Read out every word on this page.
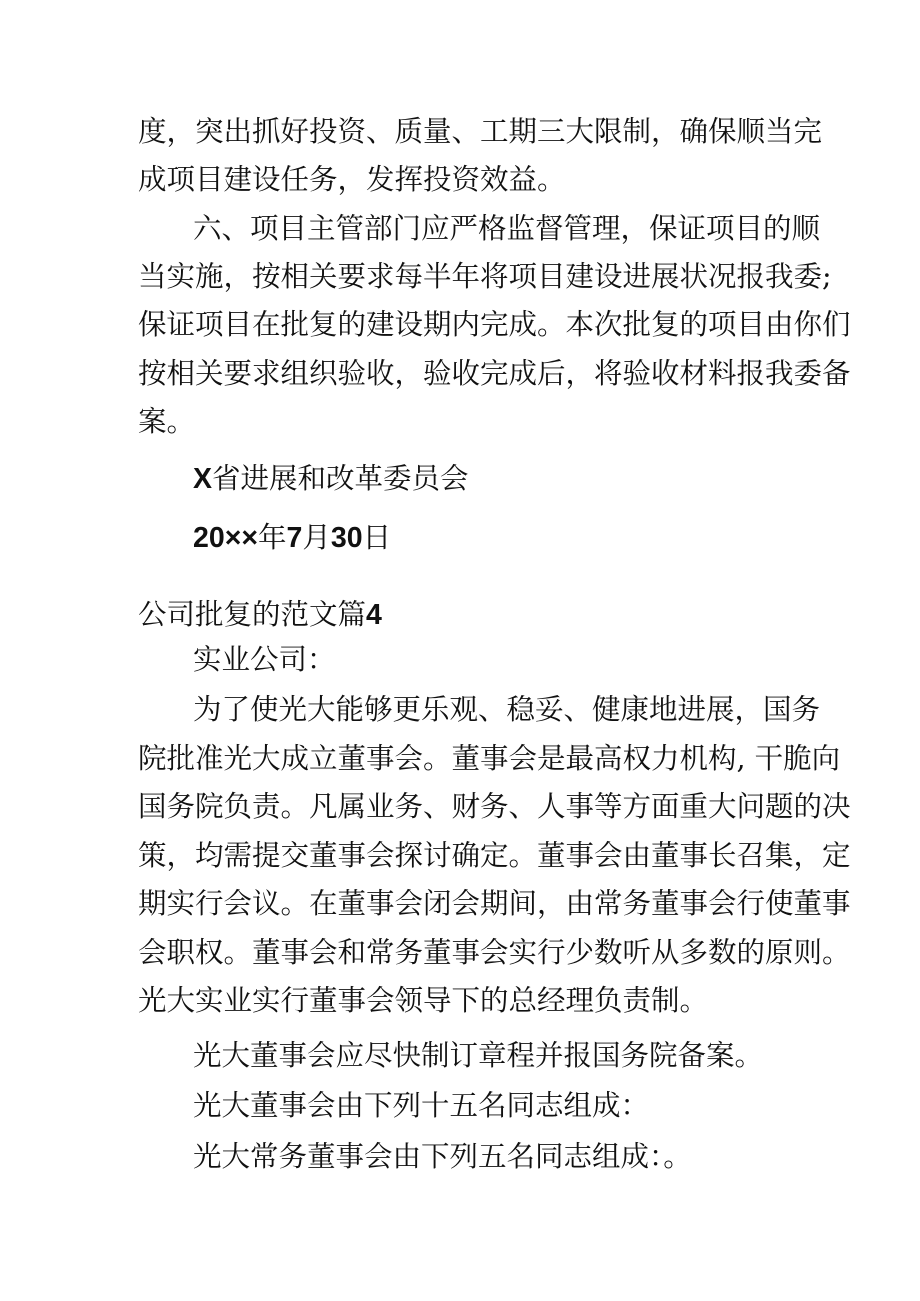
度，突出抓好投资、质量、工期三大限制，确保顺当完
成项目建设任务，发挥投资效益。
六、项目主管部门应严格监督管理，保证项目的顺
当实施，按相关要求每半年将项目建设进展状况报我委;
保证项目在批复的建设期内完成。本次批复的项目由你们
按相关要求组织验收，验收完成后，将验收材料报我委备
案。
X省进展和改革委员会
20××年7月30日
公司批复的范文篇4
实业公司：
为了使光大能够更乐观、稳妥、健康地进展，国务
院批准光大成立董事会。董事会是最高权力机构, 干脆向
国务院负责。凡属业务、财务、人事等方面重大问题的决
策，均需提交董事会探讨确定。董事会由董事长召集，定
期实行会议。在董事会闭会期间，由常务董事会行使董事
会职权。董事会和常务董事会实行少数听从多数的原则。
光大实业实行董事会领导下的总经理负责制。
光大董事会应尽快制订章程并报国务院备案。
光大董事会由下列十五名同志组成：
光大常务董事会由下列五名同志组成：。
